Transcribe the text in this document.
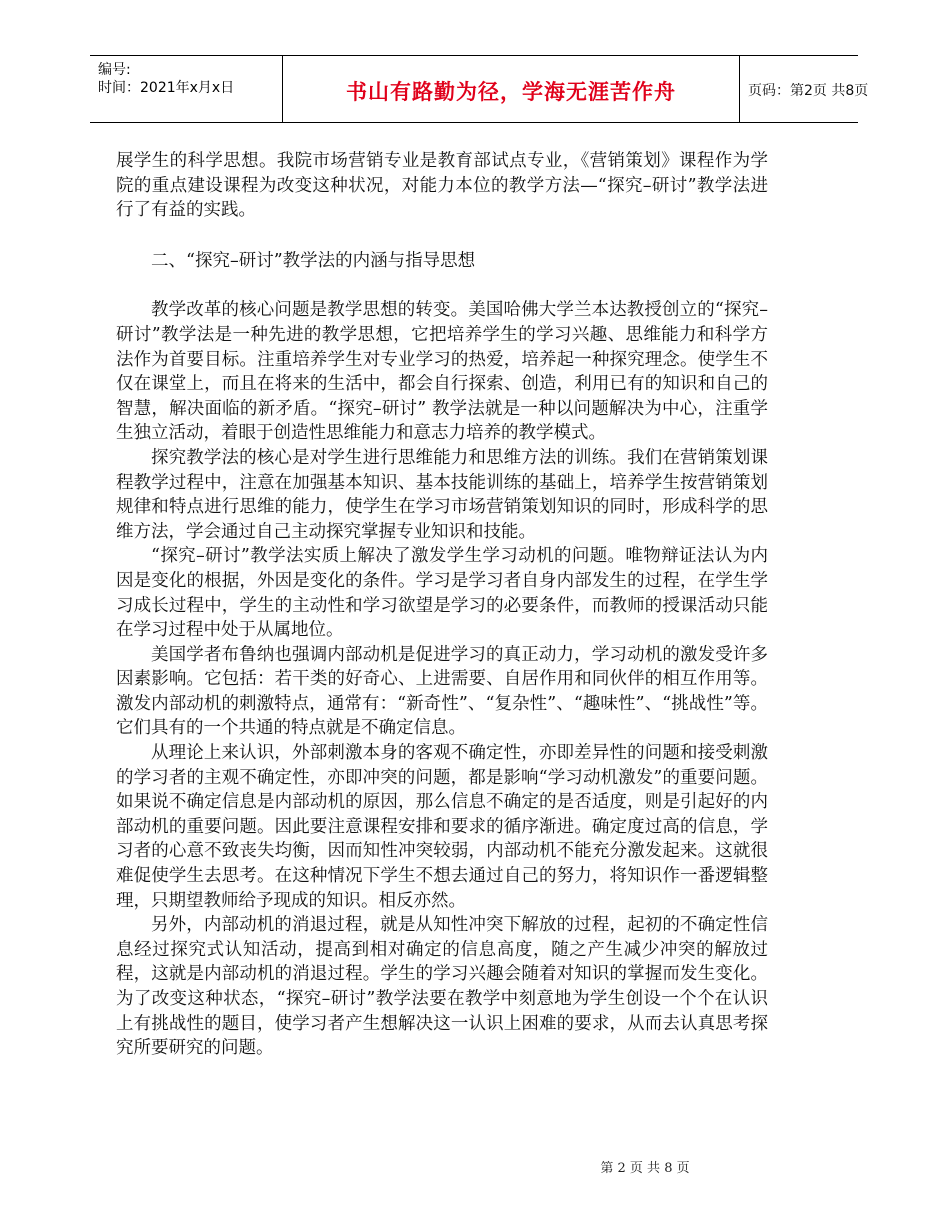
编号:
时间：2021年x月x日	书山有路勤为径，学海无涯苦作舟	页码：第2页 共8页

展学生的科学思想。我院市场营销专业是教育部试点专业，《营销策划》课程作为学院的重点建设课程为改变这种状况，对能力本位的教学方法—“探究–研讨”教学法进行了有益的实践。

二、“探究–研讨”教学法的内涵与指导思想

教学改革的核心问题是教学思想的转变。美国哈佛大学兰本达教授创立的“探究–研讨”教学法是一种先进的教学思想，它把培养学生的学习兴趣、思维能力和科学方法作为首要目标。注重培养学生对专业学习的热爱，培养起一种探究理念。使学生不仅在课堂上，而且在将来的生活中，都会自行探索、创造，利用已有的知识和自己的智慧，解决面临的新矛盾。“探究–研讨” 教学法就是一种以问题解决为中心，注重学生独立活动，着眼于创造性思维能力和意志力培养的教学模式。

探究教学法的核心是对学生进行思维能力和思维方法的训练。我们在营销策划课程教学过程中，注意在加强基本知识、基本技能训练的基础上，培养学生按营销策划规律和特点进行思维的能力，使学生在学习市场营销策划知识的同时，形成科学的思维方法，学会通过自己主动探究掌握专业知识和技能。

“探究–研讨”教学法实质上解决了激发学生学习动机的问题。唯物辩证法认为内因是变化的根据，外因是变化的条件。学习是学习者自身内部发生的过程，在学生学习成长过程中，学生的主动性和学习欲望是学习的必要条件，而教师的授课活动只能在学习过程中处于从属地位。

美国学者布鲁纳也强调内部动机是促进学习的真正动力，学习动机的激发受许多因素影响。它包括：若干类的好奇心、上进需要、自居作用和同伙伴的相互作用等。激发内部动机的刺激特点，通常有：“新奇性”、“复杂性”、“趣味性”、“挑战性”等。它们具有的一个共通的特点就是不确定信息。

从理论上来认识，外部刺激本身的客观不确定性，亦即差异性的问题和接受刺激的学习者的主观不确定性，亦即冲突的问题，都是影响“学习动机激发”的重要问题。如果说不确定信息是内部动机的原因，那么信息不确定的是否适度，则是引起好的内部动机的重要问题。因此要注意课程安排和要求的循序渐进。确定度过高的信息，学习者的心意不致丧失均衡，因而知性冲突较弱，内部动机不能充分激发起来。这就很难促使学生去思考。在这种情况下学生不想去通过自己的努力，将知识作一番逻辑整理，只期望教师给予现成的知识。相反亦然。

另外，内部动机的消退过程，就是从知性冲突下解放的过程，起初的不确定性信息经过探究式认知活动，提高到相对确定的信息高度，随之产生减少冲突的解放过程，这就是内部动机的消退过程。学生的学习兴趣会随着对知识的掌握而发生变化。为了改变这种状态，“探究–研讨”教学法要在教学中刻意地为学生创设一个个在认识上有挑战性的题目，使学习者产生想解决这一认识上困难的要求，从而去认真思考探究所要研究的问题。

第 2 页 共 8 页
